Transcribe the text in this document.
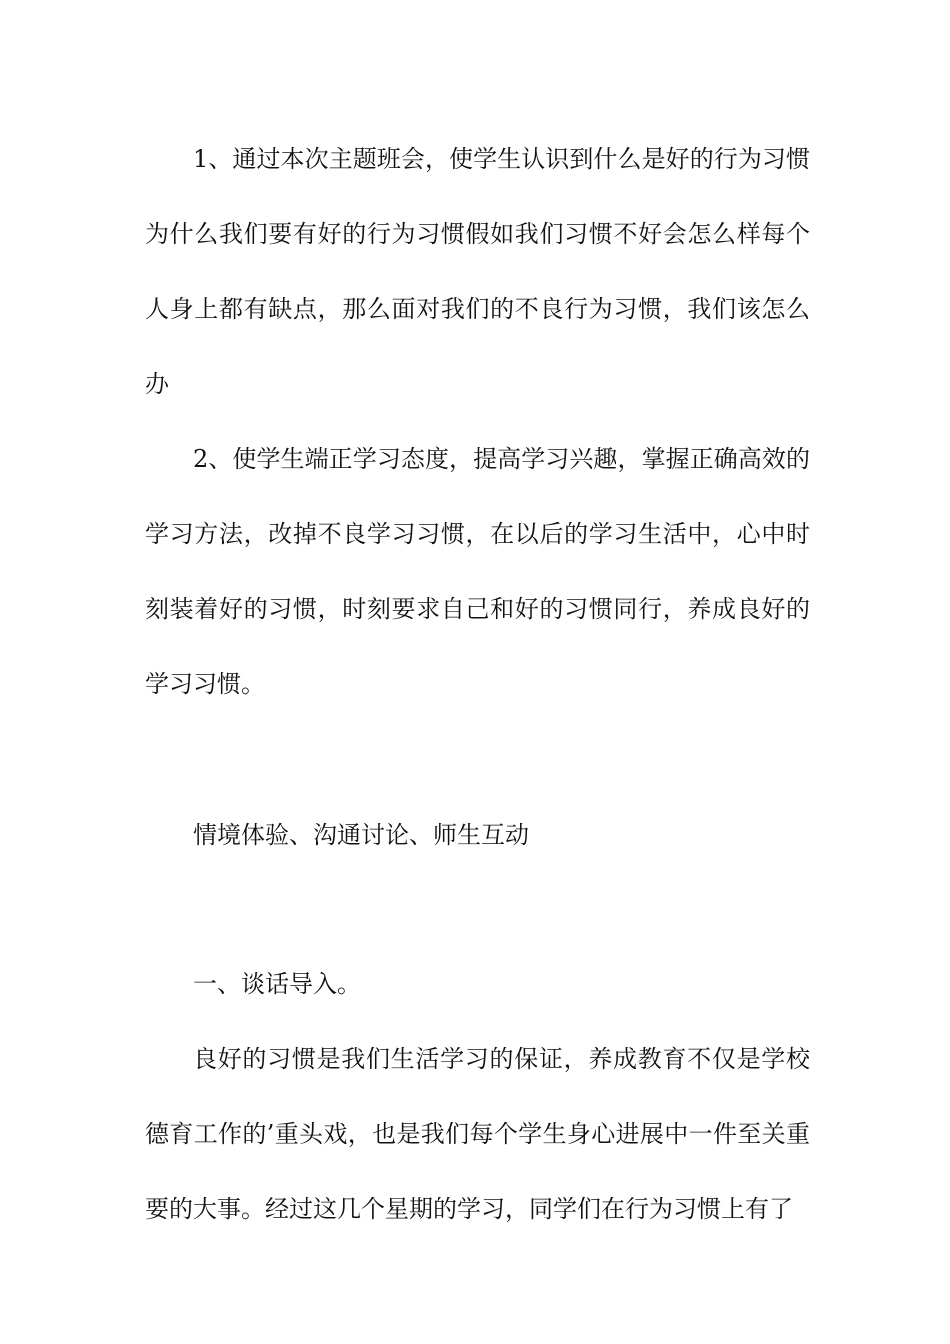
1、通过本次主题班会，使学生认识到什么是好的行为习惯为什么我们要有好的行为习惯假如我们习惯不好会怎么样每个人身上都有缺点，那么面对我们的不良行为习惯，我们该怎么办

2、使学生端正学习态度，提高学习兴趣，掌握正确高效的学习方法，改掉不良学习习惯，在以后的学习生活中，心中时刻装着好的习惯，时刻要求自己和好的习惯同行，养成良好的学习习惯。

情境体验、沟通讨论、师生互动

一、谈话导入。

良好的习惯是我们生活学习的保证，养成教育不仅是学校德育工作的’重头戏，也是我们每个学生身心进展中一件至关重要的大事。经过这几个星期的学习，同学们在行为习惯上有了
